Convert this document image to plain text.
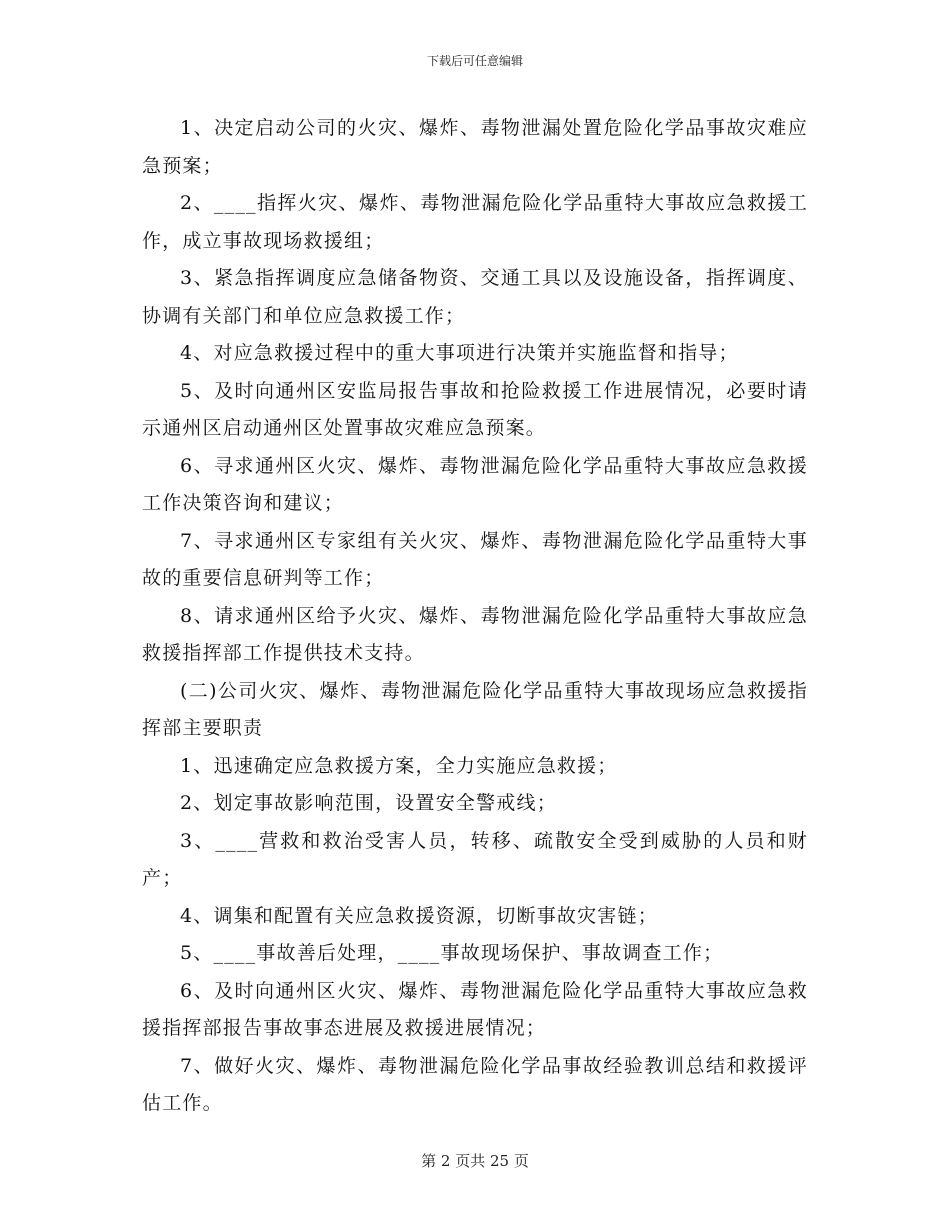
下载后可任意编辑

1、决定启动公司的火灾、爆炸、毒物泄漏处置危险化学品事故灾难应急预案；

2、____指挥火灾、爆炸、毒物泄漏危险化学品重特大事故应急救援工作，成立事故现场救援组；

3、紧急指挥调度应急储备物资、交通工具以及设施设备，指挥调度、协调有关部门和单位应急救援工作；

4、对应急救援过程中的重大事项进行决策并实施监督和指导；

5、及时向通州区安监局报告事故和抢险救援工作进展情况，必要时请示通州区启动通州区处置事故灾难应急预案。

6、寻求通州区火灾、爆炸、毒物泄漏危险化学品重特大事故应急救援工作决策咨询和建议；

7、寻求通州区专家组有关火灾、爆炸、毒物泄漏危险化学品重特大事故的重要信息研判等工作；

8、请求通州区给予火灾、爆炸、毒物泄漏危险化学品重特大事故应急救援指挥部工作提供技术支持。

(二)公司火灾、爆炸、毒物泄漏危险化学品重特大事故现场应急救援指挥部主要职责

1、迅速确定应急救援方案，全力实施应急救援；

2、划定事故影响范围，设置安全警戒线；

3、____营救和救治受害人员，转移、疏散安全受到威胁的人员和财产；

4、调集和配置有关应急救援资源，切断事故灾害链；

5、____事故善后处理，____事故现场保护、事故调查工作；

6、及时向通州区火灾、爆炸、毒物泄漏危险化学品重特大事故应急救援指挥部报告事故事态进展及救援进展情况；

7、做好火灾、爆炸、毒物泄漏危险化学品事故经验教训总结和救援评估工作。

第 2 页共 25 页
